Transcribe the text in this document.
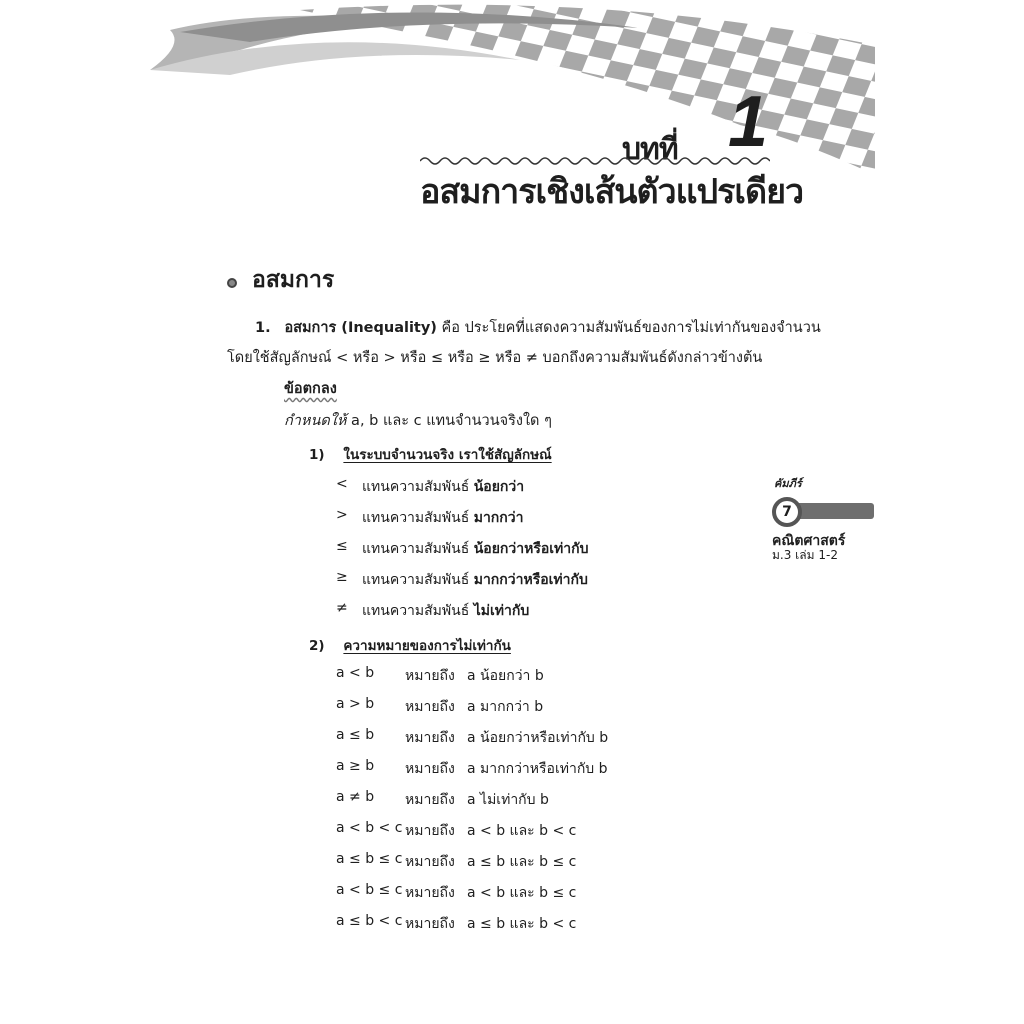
บทที่ 1
อสมการเชิงเส้นตัวแปรเดียว
อสมการ
1. อสมการ (Inequality) คือ ประโยคที่แสดงความสัมพันธ์ของการไม่เท่ากันของจำนวน
โดยใช้สัญลักษณ์ < หรือ > หรือ ≤ หรือ ≥ หรือ ≠ บอกถึงความสัมพันธ์ดังกล่าวข้างต้น
ข้อตกลง
กำหนดให้ a, b และ c แทนจำนวนจริงใด ๆ
1) ในระบบจำนวนจริง เราใช้สัญลักษณ์
<	แทนความสัมพันธ์ น้อยกว่า
>	แทนความสัมพันธ์ มากกว่า
≤	แทนความสัมพันธ์ น้อยกว่าหรือเท่ากับ
≥	แทนความสัมพันธ์ มากกว่าหรือเท่ากับ
≠	แทนความสัมพันธ์ ไม่เท่ากับ
2) ความหมายของการไม่เท่ากัน
a < b หมายถึง a น้อยกว่า b
a > b หมายถึง a มากกว่า b
a ≤ b หมายถึง a น้อยกว่าหรือเท่ากับ b
a ≥ b หมายถึง a มากกว่าหรือเท่ากับ b
a ≠ b หมายถึง a ไม่เท่ากับ b
a < b < c หมายถึง a < b และ b < c
a ≤ b ≤ c หมายถึง a ≤ b และ b ≤ c
a < b ≤ c หมายถึง a < b และ b ≤ c
a ≤ b < c หมายถึง a ≤ b และ b < c
คัมภีร์
7
คณิตศาสตร์
ม.3 เล่ม 1-2
